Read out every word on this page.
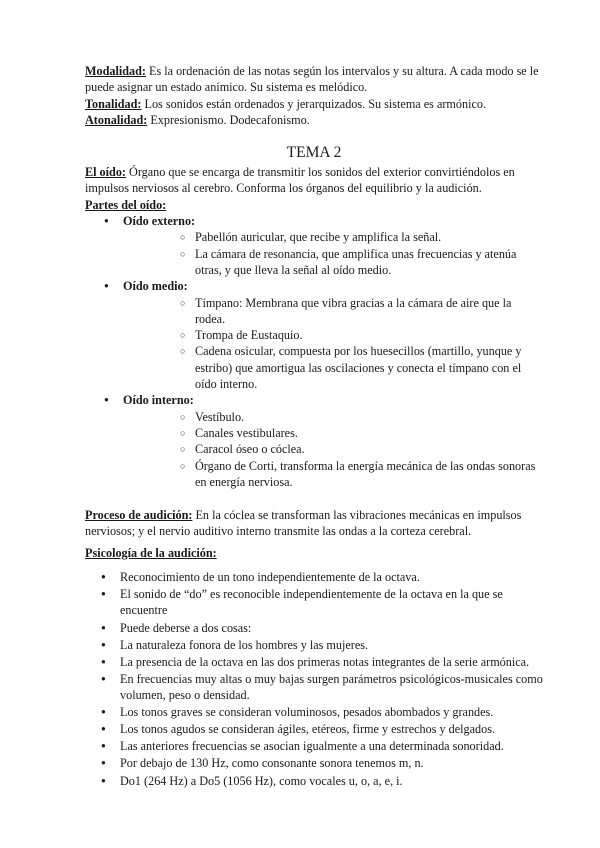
Modalidad: Es la ordenación de las notas según los intervalos y su altura. A cada modo se le puede asignar un estado anímico. Su sistema es melódico.

Tonalidad: Los sonidos están ordenados y jerarquizados. Su sistema es armónico.

Atonalidad: Expresionismo. Dodecafonismo.

TEMA 2

El oído: Órgano que se encarga de transmitir los sonidos del exterior convirtiéndolos en impulsos nerviosos al cerebro. Conforma los órganos del equilibrio y la audición.

Partes del oído:

● Oído externo:
○ Pabellón auricular, que recibe y amplifica la señal.
○ La cámara de resonancia, que amplifica unas frecuencias y atenúa otras, y que lleva la señal al oído medio.
● Oído medio:
○ Tímpano: Membrana que vibra gracias a la cámara de aire que la rodea.
○ Trompa de Eustaquio.
○ Cadena osicular, compuesta por los huesecillos (martillo, yunque y estribo) que amortigua las oscilaciones y conecta el tímpano con el oído interno.
● Oído interno:
○ Vestíbulo.
○ Canales vestibulares.
○ Caracol óseo o cóclea.
○ Órgano de Corti, transforma la energía mecánica de las ondas sonoras en energía nerviosa.

Proceso de audición: En la cóclea se transforman las vibraciones mecánicas en impulsos nerviosos; y el nervio auditivo interno transmite las ondas a la corteza cerebral.

Psicología de la audición:

● Reconocimiento de un tono independientemente de la octava.
● El sonido de “do” es reconocible independientemente de la octava en la que se encuentre
● Puede deberse a dos cosas:
● La naturaleza fonora de los hombres y las mujeres.
● La presencia de la octava en las dos primeras notas integrantes de la serie armónica.
● En frecuencias muy altas o muy bajas surgen parámetros psicológicos-musicales como volumen, peso o densidad.
● Los tonos graves se consideran voluminosos, pesados abombados y grandes.
● Los tonos agudos se consideran ágiles, etéreos, firme y estrechos y delgados.
● Las anteriores frecuencias se asocian igualmente a una determinada sonoridad.
● Por debajo de 130 Hz, como consonante sonora tenemos m, n.
● Do1 (264 Hz) a Do5 (1056 Hz), como vocales u, o, a, e, i.
